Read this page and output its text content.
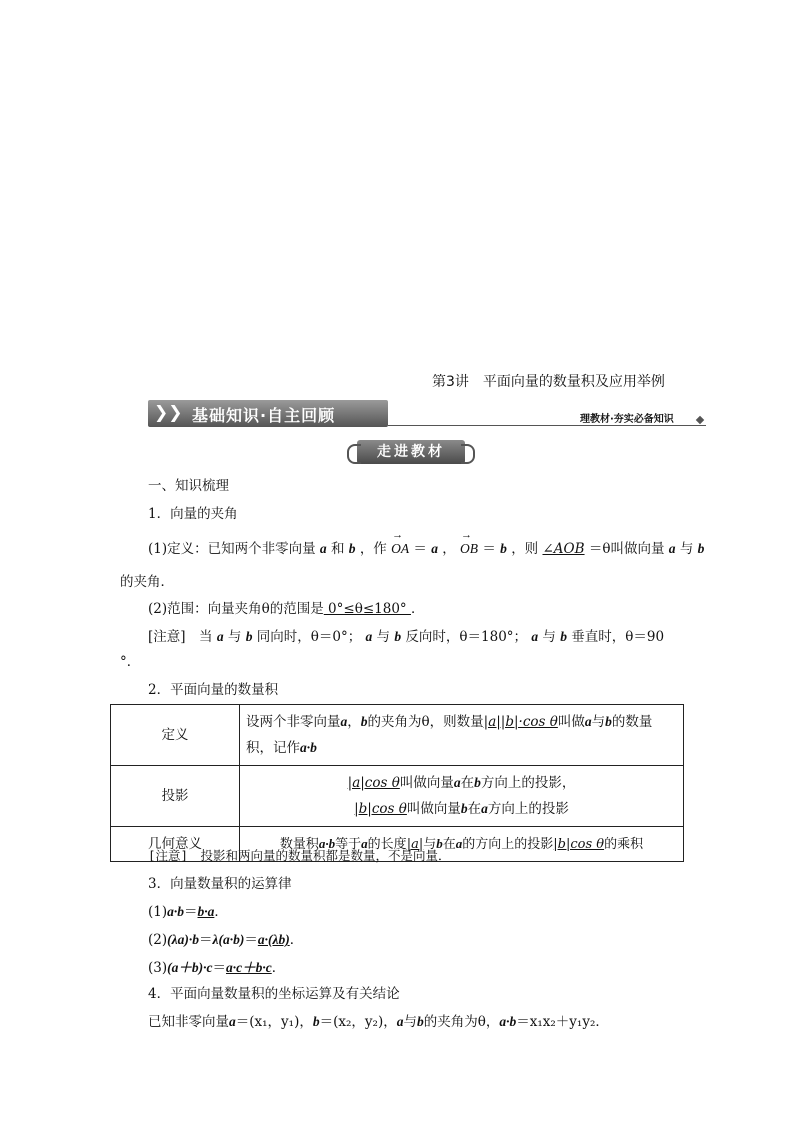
第3讲　平面向量的数量积及应用举例
❯❯ 基础知识·自主回顾	理教材·夯实必备知识
走进教材
一、知识梳理
1．向量的夹角
(1)定义：已知两个非零向量 a 和 b ，作 → OA ＝ a ， → OB ＝ b ，则 ∠AOB ＝θ叫做向量 a 与 b
的夹角．
(2)范围：向量夹角θ的范围是 0°≤θ≤180° ．
[注意]　当 a 与 b 同向时，θ＝0°； a 与 b 反向时，θ＝180°； a 与 b 垂直时，θ＝90
°．
2．平面向量的数量积
定义	设两个非零向量a，b的夹角为θ，则数量|a||b|·cos θ叫做a与b的数量
积，记作a·b

投影	|a|cos θ叫做向量a在b方向上的投影，
|b|cos θ叫做向量b在a方向上的投影

几何意义	数量积a·b等于a的长度|a|与b在a的方向上的投影|b|cos θ的乘积
[注意]　投影和两向量的数量积都是数量，不是向量．
3．向量数量积的运算律
(1)a·b＝b·a．
(2)(λa)·b＝λ(a·b)＝a·(λb)．
(3)(a＋b)·c＝a·c＋b·c．
4．平面向量数量积的坐标运算及有关结论
已知非零向量a＝(x₁，y₁)，b＝(x₂，y₂)，a与b的夹角为θ，a·b＝x₁x₂＋y₁y₂．
